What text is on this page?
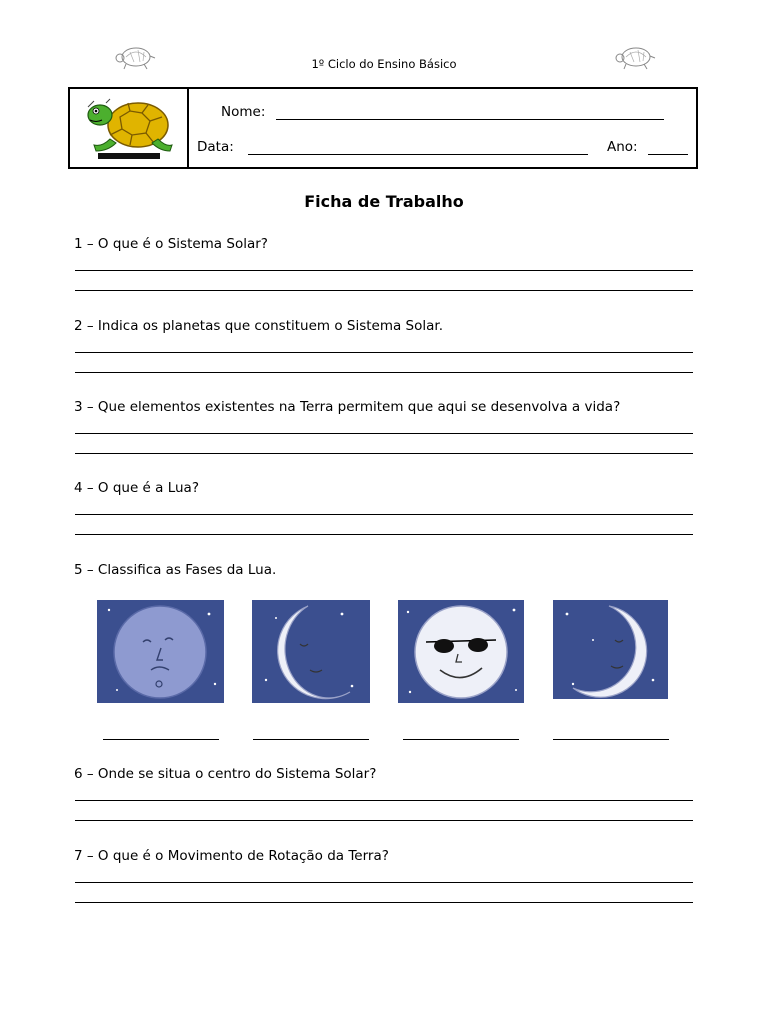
1º Ciclo do Ensino Básico
Nome:
Data:	Ano:
Ficha de Trabalho
1 – O que é o Sistema Solar?
2 – Indica os planetas que constituem o Sistema Solar.
3 – Que elementos existentes na Terra permitem que aqui se desenvolva a vida?
4 – O que é a Lua?
5 – Classifica as Fases da Lua.
6 – Onde se situa o centro do Sistema Solar?
7 – O que é o Movimento de Rotação da Terra?
